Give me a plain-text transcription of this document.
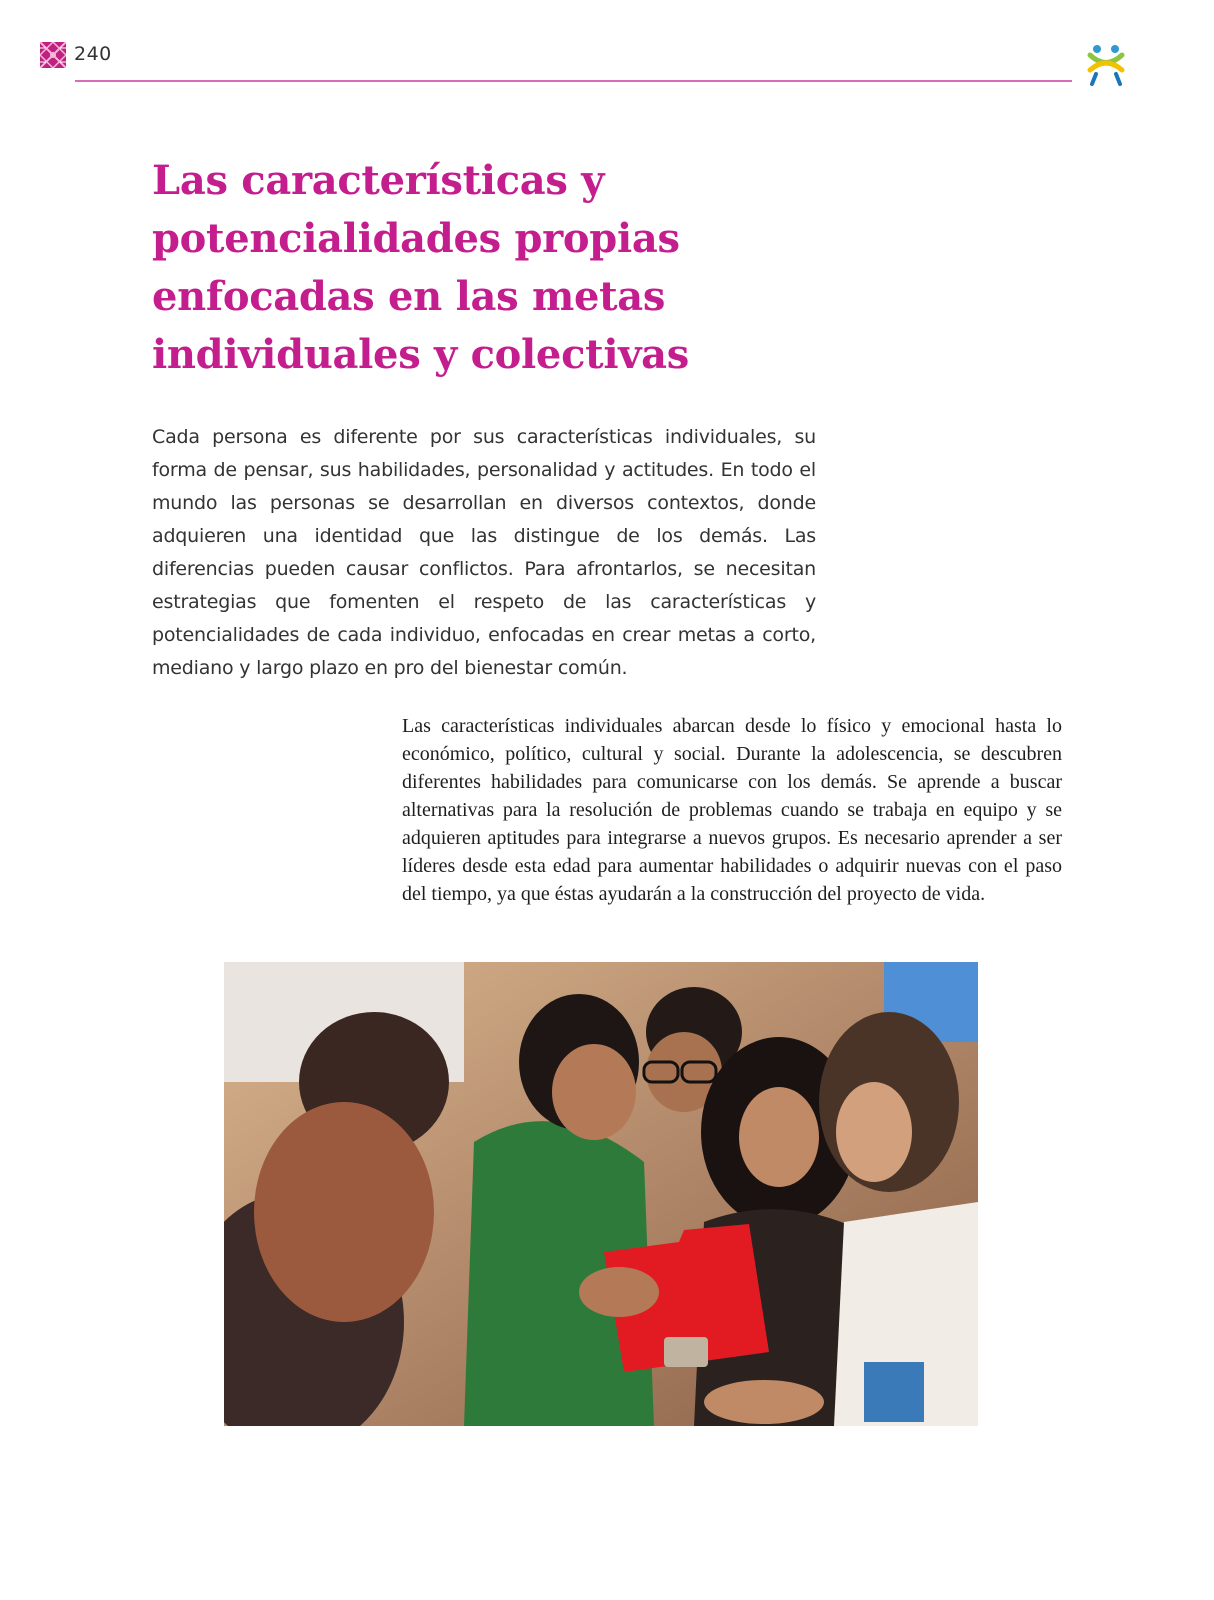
240
Las características y potencialidades propias enfocadas en las metas individuales y colectivas

Cada persona es diferente por sus características individuales, su forma de pensar, sus habilidades, personalidad y actitudes. En todo el mundo las personas se desarrollan en diversos contextos, donde adquieren una identidad que las distingue de los demás. Las diferencias pueden causar conflictos. Para afrontarlos, se necesitan estrategias que fomenten el respeto de las características y potencialidades de cada individuo, enfocadas en crear metas a corto, mediano y largo plazo en pro del bienestar común.

Las características individuales abarcan desde lo físico y emocional hasta lo económico, político, cultural y social. Durante la adolescencia, se descubren diferentes habilidades para comunicarse con los demás. Se aprende a buscar alternativas para la resolución de problemas cuando se trabaja en equipo y se adquieren aptitudes para integrarse a nuevos grupos. Es necesario aprender a ser líderes desde esta edad para aumentar habilidades o adquirir nuevas con el paso del tiempo, ya que éstas ayudarán a la construcción del proyecto de vida.
